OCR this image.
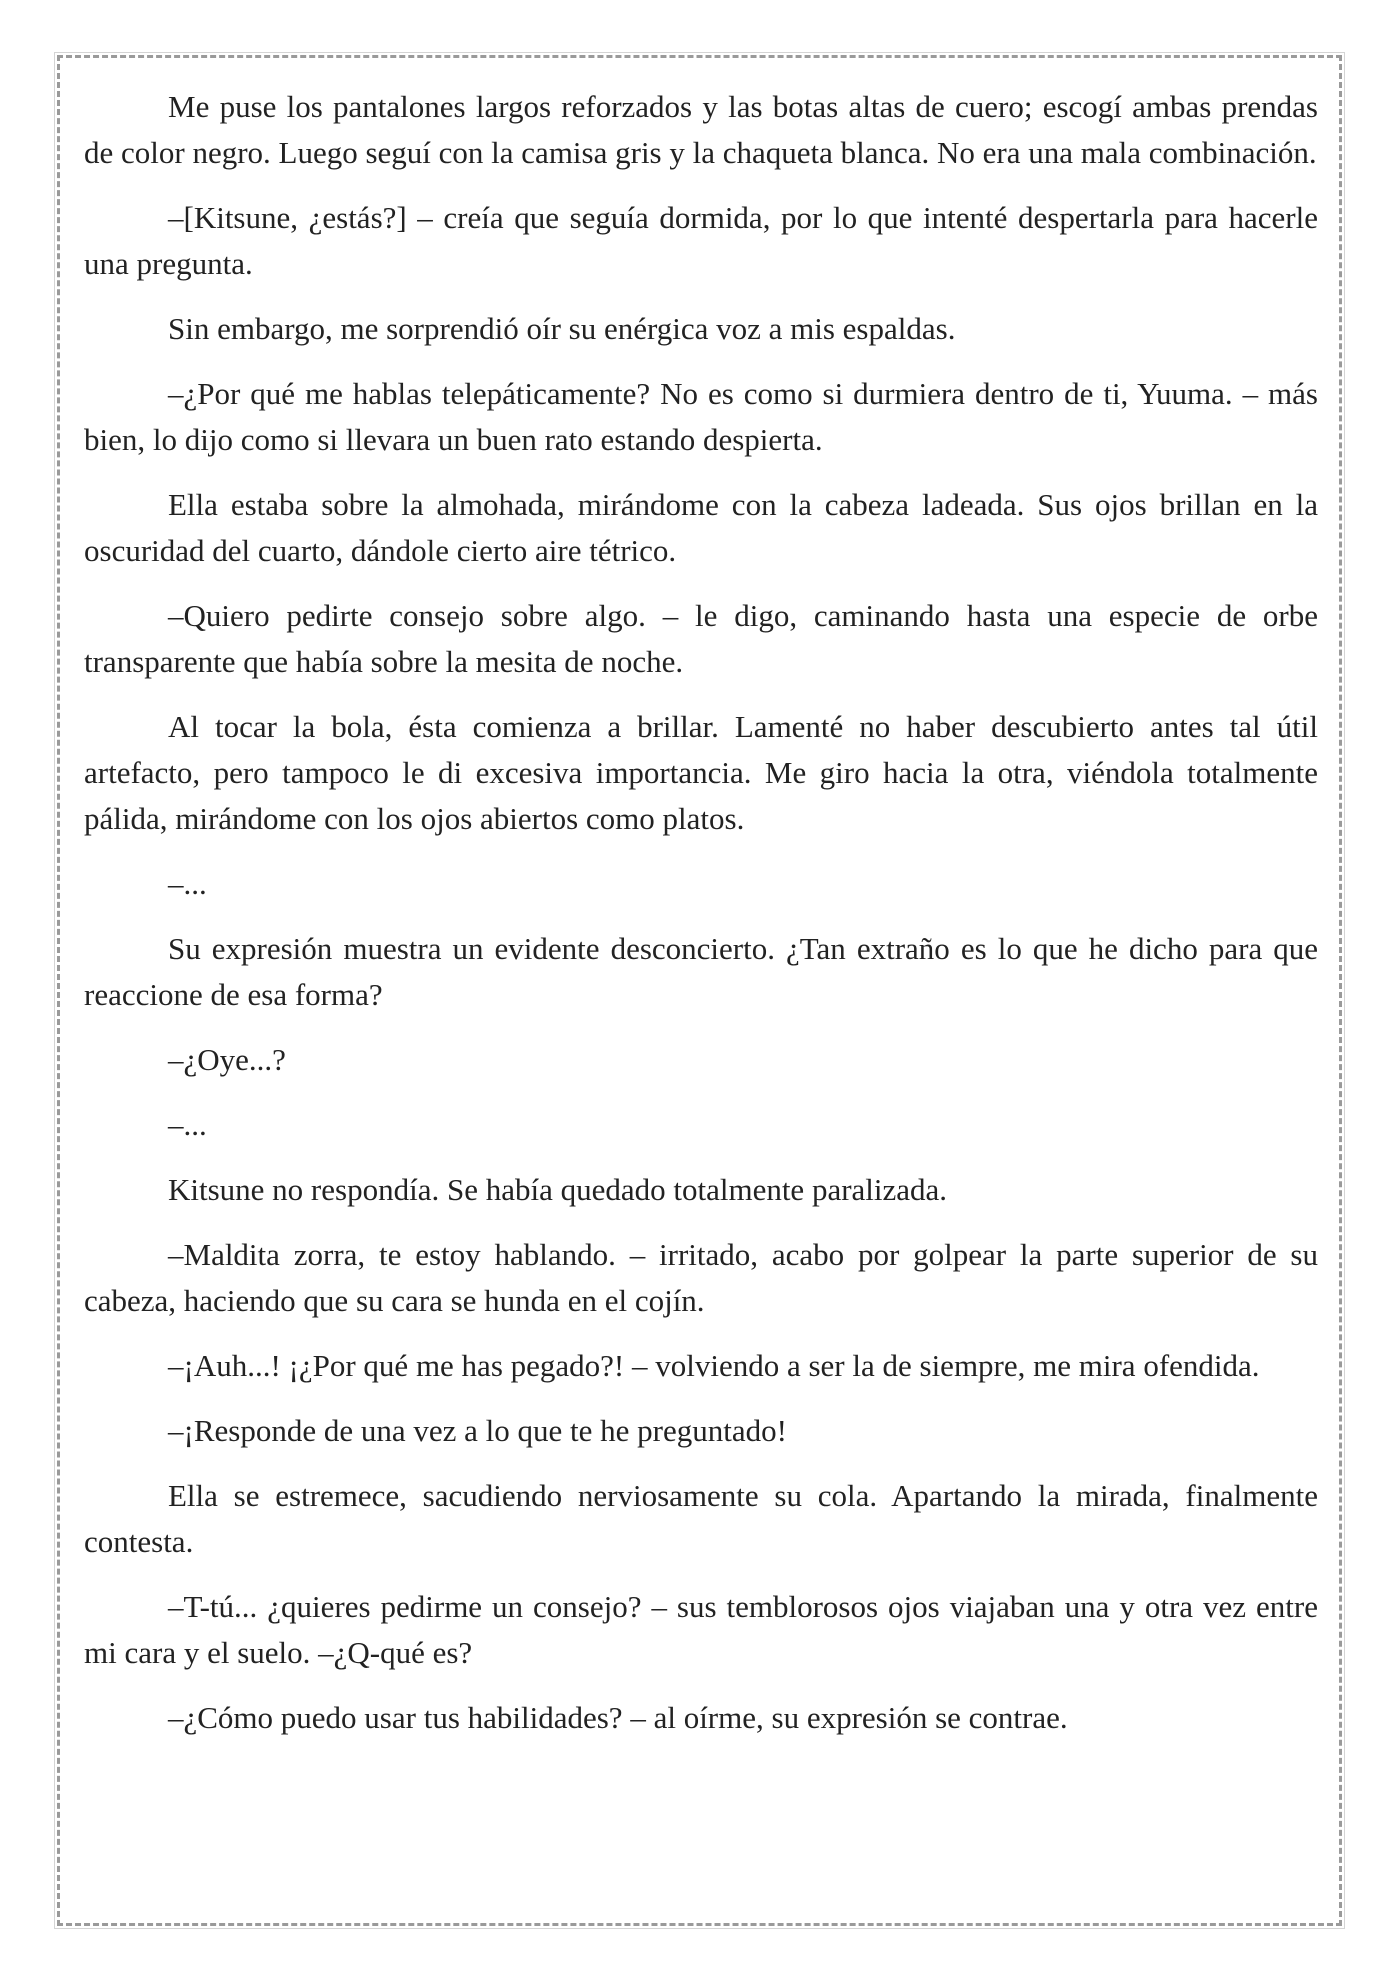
Me puse los pantalones largos reforzados y las botas altas de cuero; escogí ambas prendas de color negro. Luego seguí con la camisa gris y la chaqueta blanca. No era una mala combinación.

–[Kitsune, ¿estás?] – creía que seguía dormida, por lo que intenté despertarla para hacerle una pregunta.

Sin embargo, me sorprendió oír su enérgica voz a mis espaldas.

–¿Por qué me hablas telepáticamente? No es como si durmiera dentro de ti, Yuuma. – más bien, lo dijo como si llevara un buen rato estando despierta.

Ella estaba sobre la almohada, mirándome con la cabeza ladeada. Sus ojos brillan en la oscuridad del cuarto, dándole cierto aire tétrico.

–Quiero pedirte consejo sobre algo. – le digo, caminando hasta una especie de orbe transparente que había sobre la mesita de noche.

Al tocar la bola, ésta comienza a brillar. Lamenté no haber descubierto antes tal útil artefacto, pero tampoco le di excesiva importancia. Me giro hacia la otra, viéndola totalmente pálida, mirándome con los ojos abiertos como platos.

–...

Su expresión muestra un evidente desconcierto. ¿Tan extraño es lo que he dicho para que reaccione de esa forma?

–¿Oye...?

–...

Kitsune no respondía. Se había quedado totalmente paralizada.

–Maldita zorra, te estoy hablando. – irritado, acabo por golpear la parte superior de su cabeza, haciendo que su cara se hunda en el cojín.

–¡Auh...! ¡¿Por qué me has pegado?! – volviendo a ser la de siempre, me mira ofendida.

–¡Responde de una vez a lo que te he preguntado!

Ella se estremece, sacudiendo nerviosamente su cola. Apartando la mirada, finalmente contesta.

–T-tú... ¿quieres pedirme un consejo? – sus temblorosos ojos viajaban una y otra vez entre mi cara y el suelo. –¿Q-qué es?

–¿Cómo puedo usar tus habilidades? – al oírme, su expresión se contrae.
